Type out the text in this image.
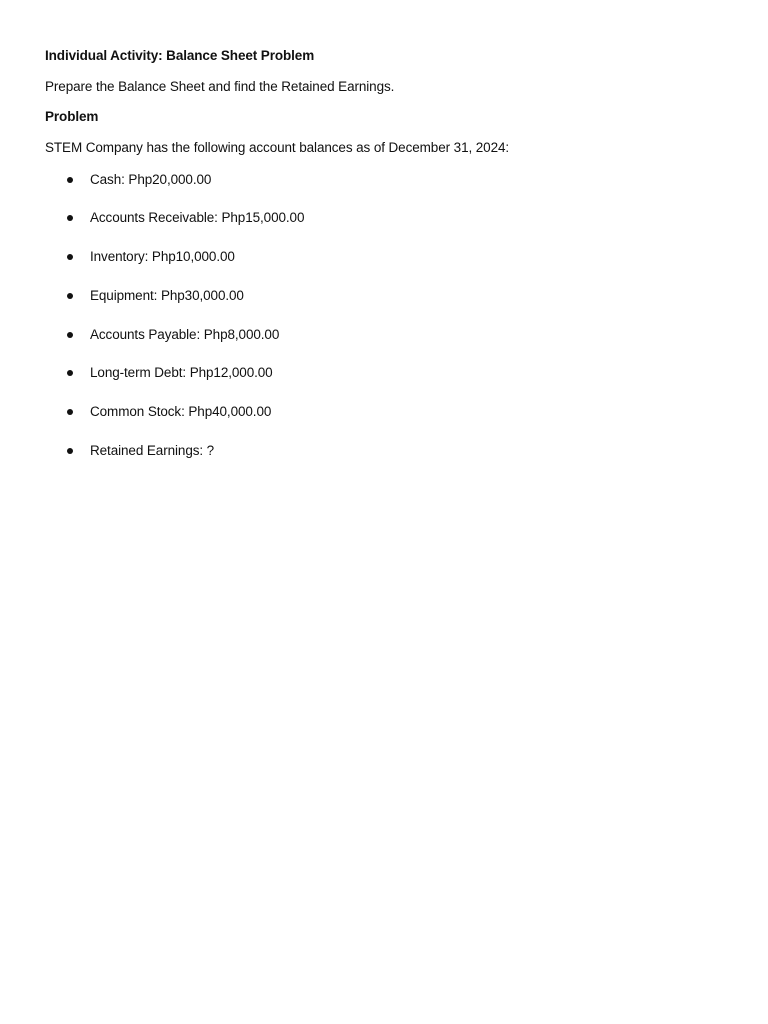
Individual Activity: Balance Sheet Problem
Prepare the Balance Sheet and find the Retained Earnings.
Problem
STEM Company has the following account balances as of December 31, 2024:
Cash: Php20,000.00
Accounts Receivable: Php15,000.00
Inventory: Php10,000.00
Equipment: Php30,000.00
Accounts Payable: Php8,000.00
Long-term Debt: Php12,000.00
Common Stock: Php40,000.00
Retained Earnings: ?
